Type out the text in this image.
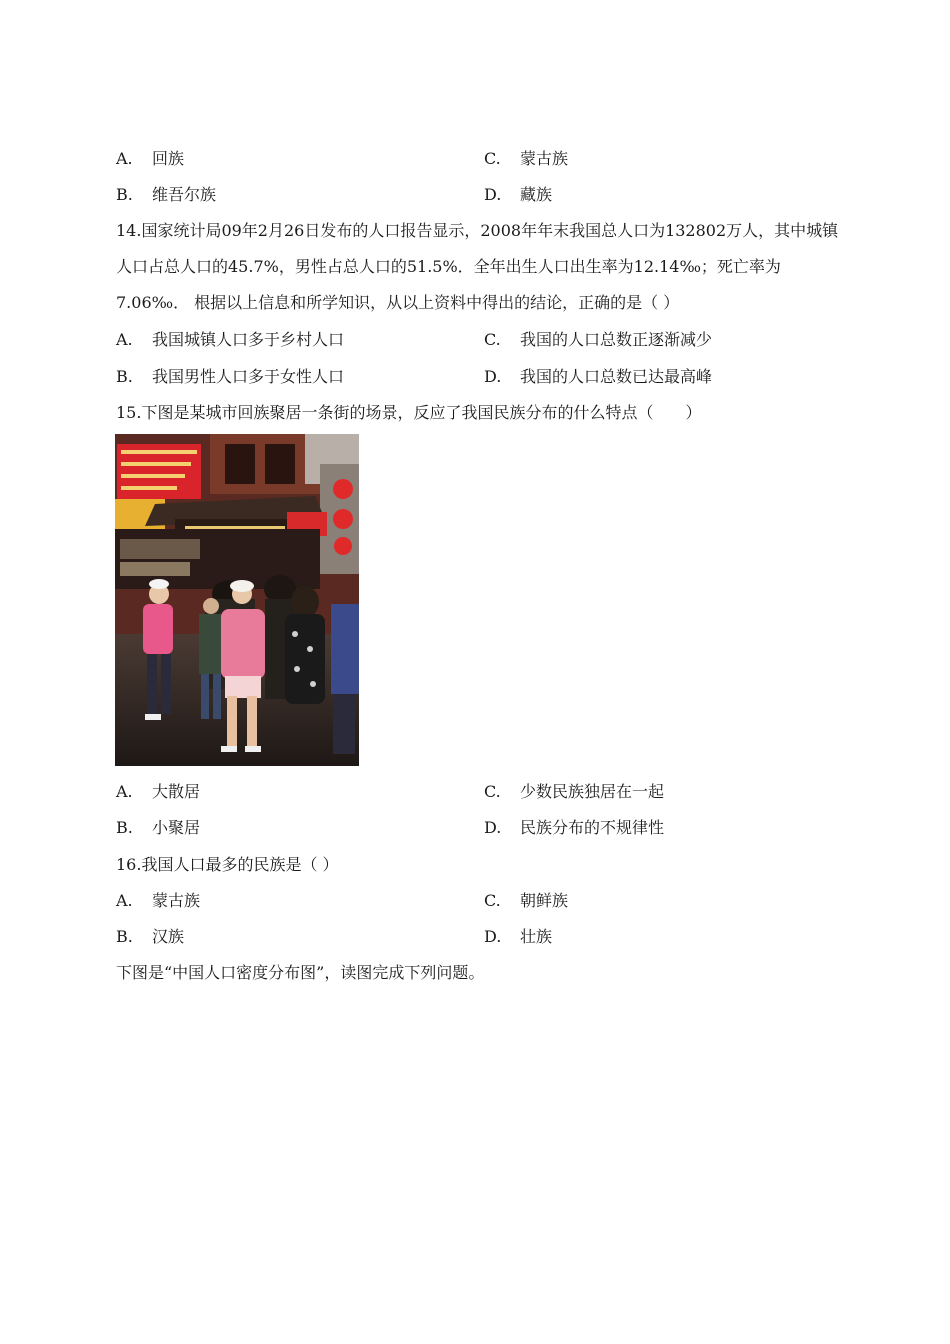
A. 回族	C. 蒙古族
B. 维吾尔族	D. 藏族
14.国家统计局09年2月26日发布的人口报告显示，2008年年末我国总人口为132802万人，其中城镇人口占总人口的45.7%，男性占总人口的51.5%．全年出生人口出生率为12.14‰；死亡率为7.06‰． 根据以上信息和所学知识，从以上资料中得出的结论，正确的是（ ）
A. 我国城镇人口多于乡村人口	C. 我国的人口总数正逐渐减少
B. 我国男性人口多于女性人口	D. 我国的人口总数已达最高峰
15.下图是某城市回族聚居一条街的场景，反应了我国民族分布的什么特点（　　）
A. 大散居	C. 少数民族独居在一起
B. 小聚居	D. 民族分布的不规律性
16.我国人口最多的民族是（ ）
A. 蒙古族	C. 朝鲜族
B. 汉族	D. 壮族
下图是“中国人口密度分布图”，读图完成下列问题。
